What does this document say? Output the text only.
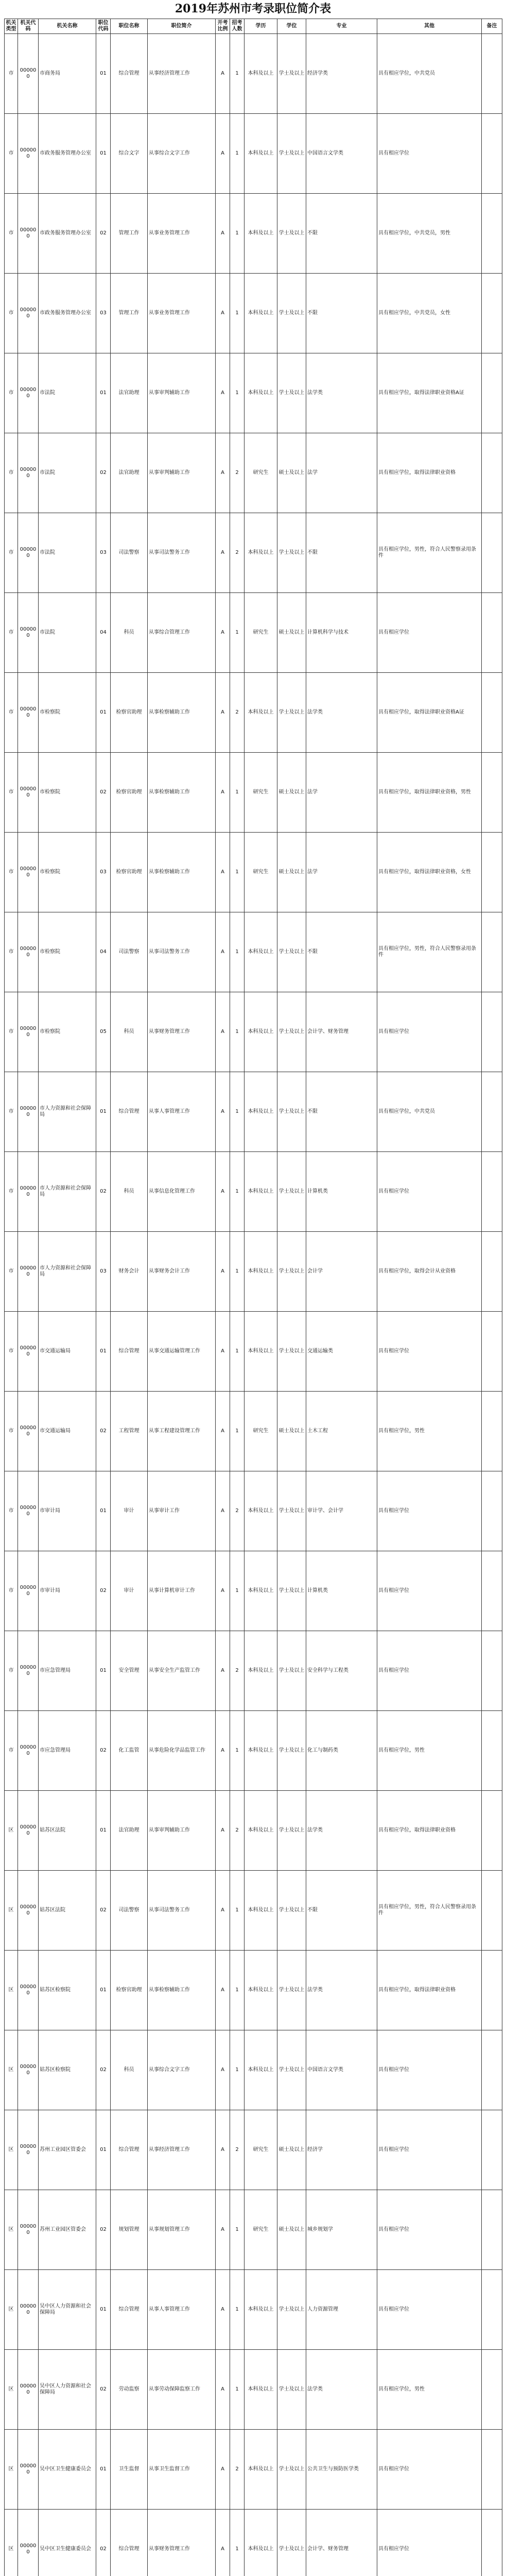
2019年苏州市考录职位简介表
机关类型	机关代码	机关名称	职位代码	职位名称	职位简介	开考比例	招考人数	学历	学位	专业	其他	备注
市	000000	市商务局	01	综合管理	从事经济管理工作	A	1	本科及以上	学士及以上	经济学类	具有相应学位，中共党员	
市	000000	市政务服务管理办公室	01	综合文字	从事综合文字工作	A	1	本科及以上	学士及以上	中国语言文学类	具有相应学位	
市	000000	市政务服务管理办公室	02	管理工作	从事业务管理工作	A	1	本科及以上	学士及以上	不限	具有相应学位，中共党员，男性	
市	000000	市政务服务管理办公室	03	管理工作	从事业务管理工作	A	1	本科及以上	学士及以上	不限	具有相应学位，中共党员，女性	
市	000000	市法院	01	法官助理	从事审判辅助工作	A	1	本科及以上	学士及以上	法学类	具有相应学位，取得法律职业资格A证	
市	000000	市法院	02	法官助理	从事审判辅助工作	A	2	研究生	硕士及以上	法学	具有相应学位，取得法律职业资格	
市	000000	市法院	03	司法警察	从事司法警务工作	A	2	本科及以上	学士及以上	不限	具有相应学位，男性，符合人民警察录用条件	
市	000000	市法院	04	科员	从事综合管理工作	A	1	研究生	硕士及以上	计算机科学与技术	具有相应学位	
市	000000	市检察院	01	检察官助理	从事检察辅助工作	A	2	本科及以上	学士及以上	法学类	具有相应学位，取得法律职业资格A证	
市	000000	市检察院	02	检察官助理	从事检察辅助工作	A	1	研究生	硕士及以上	法学	具有相应学位，取得法律职业资格，男性	
市	000000	市检察院	03	检察官助理	从事检察辅助工作	A	1	研究生	硕士及以上	法学	具有相应学位，取得法律职业资格，女性	
市	000000	市检察院	04	司法警察	从事司法警务工作	A	1	本科及以上	学士及以上	不限	具有相应学位，男性，符合人民警察录用条件	
市	000000	市检察院	05	科员	从事财务管理工作	A	1	本科及以上	学士及以上	会计学、财务管理	具有相应学位	
市	000000	市人力资源和社会保障局	01	综合管理	从事人事管理工作	A	1	本科及以上	学士及以上	不限	具有相应学位，中共党员	
市	000000	市人力资源和社会保障局	02	科员	从事信息化管理工作	A	1	本科及以上	学士及以上	计算机类	具有相应学位	
市	000000	市人力资源和社会保障局	03	财务会计	从事财务会计工作	A	1	本科及以上	学士及以上	会计学	具有相应学位，取得会计从业资格	
市	000000	市交通运输局	01	综合管理	从事交通运输管理工作	A	1	本科及以上	学士及以上	交通运输类	具有相应学位	
市	000000	市交通运输局	02	工程管理	从事工程建设管理工作	A	1	研究生	硕士及以上	土木工程	具有相应学位，男性	
市	000000	市审计局	01	审计	从事审计工作	A	2	本科及以上	学士及以上	审计学、会计学	具有相应学位	
市	000000	市审计局	02	审计	从事计算机审计工作	A	1	本科及以上	学士及以上	计算机类	具有相应学位	
市	000000	市应急管理局	01	安全管理	从事安全生产监管工作	A	2	本科及以上	学士及以上	安全科学与工程类	具有相应学位	
市	000000	市应急管理局	02	化工监管	从事危险化学品监管工作	A	1	本科及以上	学士及以上	化工与制药类	具有相应学位，男性	
区	000000	姑苏区法院	01	法官助理	从事审判辅助工作	A	2	本科及以上	学士及以上	法学类	具有相应学位，取得法律职业资格	
区	000000	姑苏区法院	02	司法警察	从事司法警务工作	A	1	本科及以上	学士及以上	不限	具有相应学位，男性，符合人民警察录用条件	
区	000000	姑苏区检察院	01	检察官助理	从事检察辅助工作	A	1	本科及以上	学士及以上	法学类	具有相应学位，取得法律职业资格	
区	000000	姑苏区检察院	02	科员	从事综合文字工作	A	1	本科及以上	学士及以上	中国语言文学类	具有相应学位	
区	000000	苏州工业园区管委会	01	综合管理	从事经济管理工作	A	2	研究生	硕士及以上	经济学	具有相应学位	
区	000000	苏州工业园区管委会	02	规划管理	从事规划管理工作	A	1	研究生	硕士及以上	城乡规划学	具有相应学位	
区	000000	吴中区人力资源和社会保障局	01	综合管理	从事人事管理工作	A	1	本科及以上	学士及以上	人力资源管理	具有相应学位	
区	000000	吴中区人力资源和社会保障局	02	劳动监察	从事劳动保障监察工作	A	1	本科及以上	学士及以上	法学类	具有相应学位，男性	
区	000000	吴中区卫生健康委员会	01	卫生监督	从事卫生监督工作	A	2	本科及以上	学士及以上	公共卫生与预防医学类	具有相应学位	
区	000000	吴中区卫生健康委员会	02	综合管理	从事财务管理工作	A	1	本科及以上	学士及以上	会计学、财务管理	具有相应学位	
